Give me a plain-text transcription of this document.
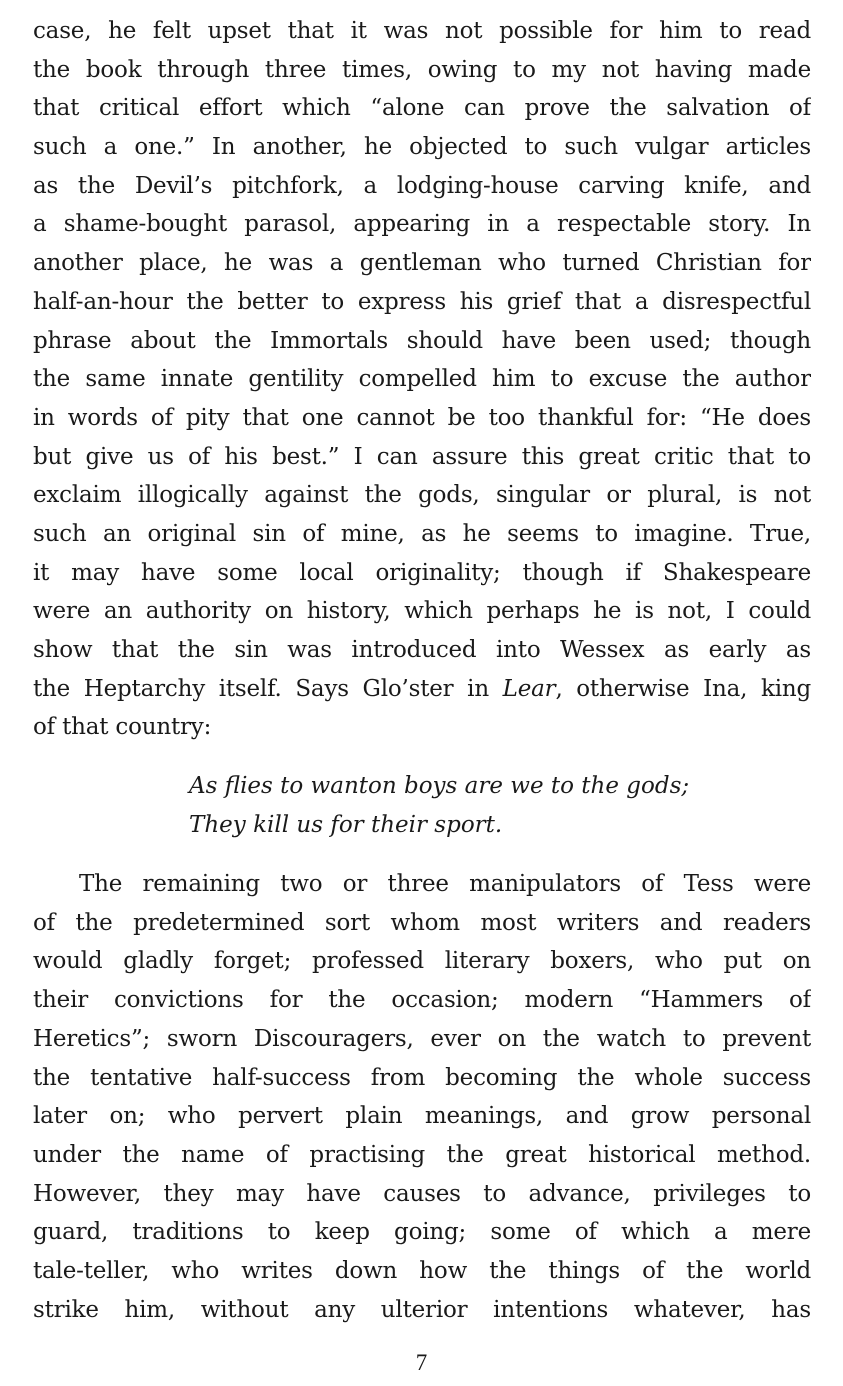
case, he felt upset that it was not possible for him to read
the book through three times, owing to my not having made
that critical effort which “alone can prove the salvation of
such a one.” In another, he objected to such vulgar articles
as the Devil’s pitchfork, a lodging-house carving knife, and
a shame-bought parasol, appearing in a respectable story. In
another place, he was a gentleman who turned Christian for
half-an-hour the better to express his grief that a disrespectful
phrase about the Immortals should have been used; though
the same innate gentility compelled him to excuse the author
in words of pity that one cannot be too thankful for: “He does
but give us of his best.” I can assure this great critic that to
exclaim illogically against the gods, singular or plural, is not
such an original sin of mine, as he seems to imagine. True,
it may have some local originality; though if Shakespeare
were an authority on history, which perhaps he is not, I could
show that the sin was introduced into Wessex as early as
the Heptarchy itself. Says Glo’ster in Lear, otherwise Ina, king
of that country:
As flies to wanton boys are we to the gods;
They kill us for their sport.
The remaining two or three manipulators of Tess were
of the predetermined sort whom most writers and readers
would gladly forget; professed literary boxers, who put on
their convictions for the occasion; modern “Hammers of
Heretics”; sworn Discouragers, ever on the watch to prevent
the tentative half-success from becoming the whole success
later on; who pervert plain meanings, and grow personal
under the name of practising the great historical method.
However, they may have causes to advance, privileges to
guard, traditions to keep going; some of which a mere
tale-teller, who writes down how the things of the world
strike him, without any ulterior intentions whatever, has
7
